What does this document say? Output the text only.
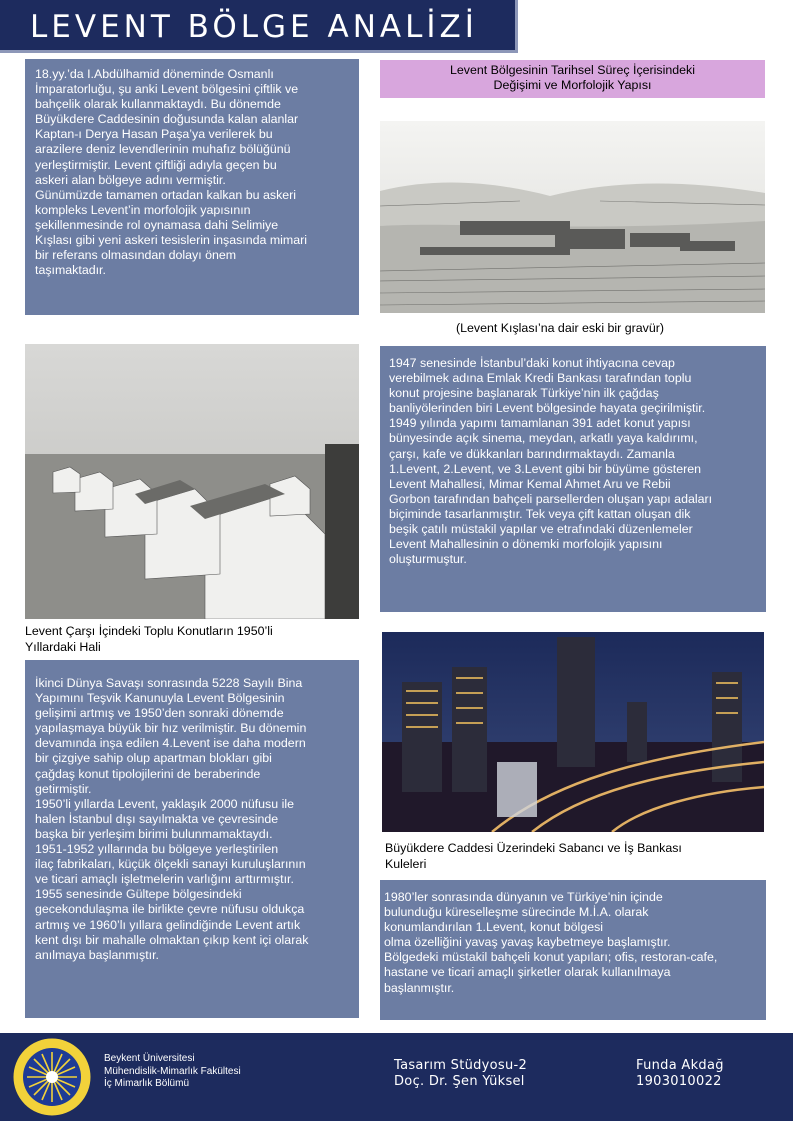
LEVENT BÖLGE ANALİZİ

18.yy.’da I.Abdülhamid döneminde Osmanlı
İmparatorluğu, şu anki Levent bölgesini çiftlik ve
bahçelik olarak kullanmaktaydı. Bu dönemde
Büyükdere Caddesinin doğusunda kalan alanlar
Kaptan-ı Derya Hasan Paşa’ya verilerek bu
arazilere deniz levendlerinin muhafız bölüğünü
yerleştirmiştir. Levent çiftliği adıyla geçen bu
askeri alan bölgeye adını vermiştir.
Günümüzde tamamen ortadan kalkan bu askeri
kompleks Levent’in morfolojik yapısının
şekillenmesinde rol oynamasa dahi Selimiye
Kışlası gibi yeni askeri tesislerin inşasında mimari
bir referans olmasından dolayı önem
taşımaktadır.

Levent Bölgesinin Tarihsel Süreç İçerisindeki
Değişimi ve Morfolojik Yapısı
(Levent Kışlası’na dair eski bir gravür)
Levent Çarşı İçindeki Toplu Konutların 1950’li
Yıllardaki Hali

1947 senesinde İstanbul’daki konut ihtiyacına cevap
verebilmek adına Emlak Kredi Bankası tarafından toplu
konut projesine başlanarak Türkiye’nin ilk çağdaş
banliyölerinden biri Levent bölgesinde hayata geçirilmiştir.
1949 yılında yapımı tamamlanan 391 adet konut yapısı
bünyesinde açık sinema, meydan, arkatlı yaya kaldırımı,
çarşı, kafe ve dükkanları barındırmaktaydı. Zamanla
1.Levent, 2.Levent, ve 3.Levent gibi bir büyüme gösteren
Levent Mahallesi, Mimar Kemal Ahmet Aru ve Rebii
Gorbon tarafından bahçeli parsellerden oluşan yapı adaları
biçiminde tasarlanmıştır. Tek veya çift kattan oluşan dik
beşik çatılı müstakil yapılar ve etrafındaki düzenlemeler
Levent Mahallesinin o dönemki morfolojik yapısını
oluşturmuştur.

Büyükdere Caddesi Üzerindeki Sabancı ve İş Bankası
Kuleleri

İkinci Dünya Savaşı sonrasında 5228 Sayılı Bina
Yapımını Teşvik Kanunuyla Levent Bölgesinin
gelişimi artmış ve 1950’den sonraki dönemde
yapılaşmaya büyük bir hız verilmiştir. Bu dönemin
devamında inşa edilen 4.Levent ise daha modern
bir çizgiye sahip olup apartman blokları gibi
çağdaş konut tipolojilerini de beraberinde
getirmiştir.
1950’li yıllarda Levent, yaklaşık 2000 nüfusu ile
halen İstanbul dışı sayılmakta ve çevresinde
başka bir yerleşim birimi bulunmamaktaydı.
1951-1952 yıllarında bu bölgeye yerleştirilen
ilaç fabrikaları, küçük ölçekli sanayi kuruluşlarının
ve ticari amaçlı işletmelerin varlığını arttırmıştır.
1955 senesinde Gültepe bölgesindeki
gecekondulaşma ile birlikte çevre nüfusu oldukça
artmış ve 1960’lı yıllara gelindiğinde Levent artık
kent dışı bir mahalle olmaktan çıkıp kent içi olarak
anılmaya başlanmıştır.

1980’ler sonrasında dünyanın ve Türkiye’nin içinde
bulunduğu küreselleşme sürecinde M.İ.A. olarak
konumlandırılan 1.Levent, konut bölgesi
olma özelliğini yavaş yavaş kaybetmeye başlamıştır.
Bölgedeki müstakil bahçeli konut yapıları; ofis, restoran-cafe,
hastane ve ticari amaçlı şirketler olarak kullanılmaya
başlanmıştır.

Beykent Üniversitesi
Mühendislik-Mimarlık Fakültesi
İç Mimarlık Bölümü
Tasarım Stüdyosu-2
Doç. Dr. Şen Yüksel
Funda Akdağ
1903010022
